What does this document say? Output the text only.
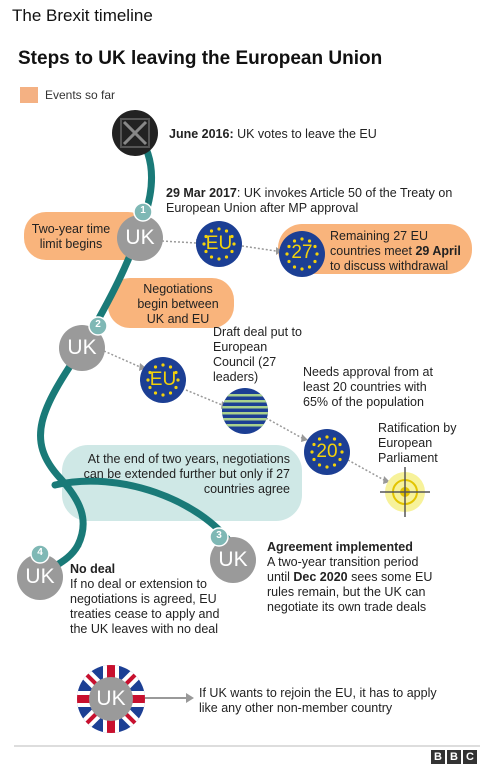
The Brexit timeline
Steps to UK leaving the European Union
Events so far
UK
1
EU	27
UK
2
EU
20
UK
3
UK
4
UK
June 2016: UK votes to leave the EU
29 Mar 2017: UK invokes Article 50 of the Treaty on European Union after MP approval
Two-year time limit begins
Remaining 27 EU
countries meet 29 April
to discuss withdrawal
Negotiations begin between UK and EU
Draft deal put to European Council (27 leaders)	Needs approval from at least 20 countries with 65% of the population
Ratification by European Parliament
At the end of two years, negotiations can be extended further but only if 27 countries agree
No deal
If no deal or extension to negotiations is agreed, EU treaties cease to apply and the UK leaves with no deal
Agreement implemented
A two-year transition period until Dec 2020 sees some EU rules remain, but the UK can negotiate its own trade deals
If UK wants to rejoin the EU, it has to apply like any other non-member country
B B C
